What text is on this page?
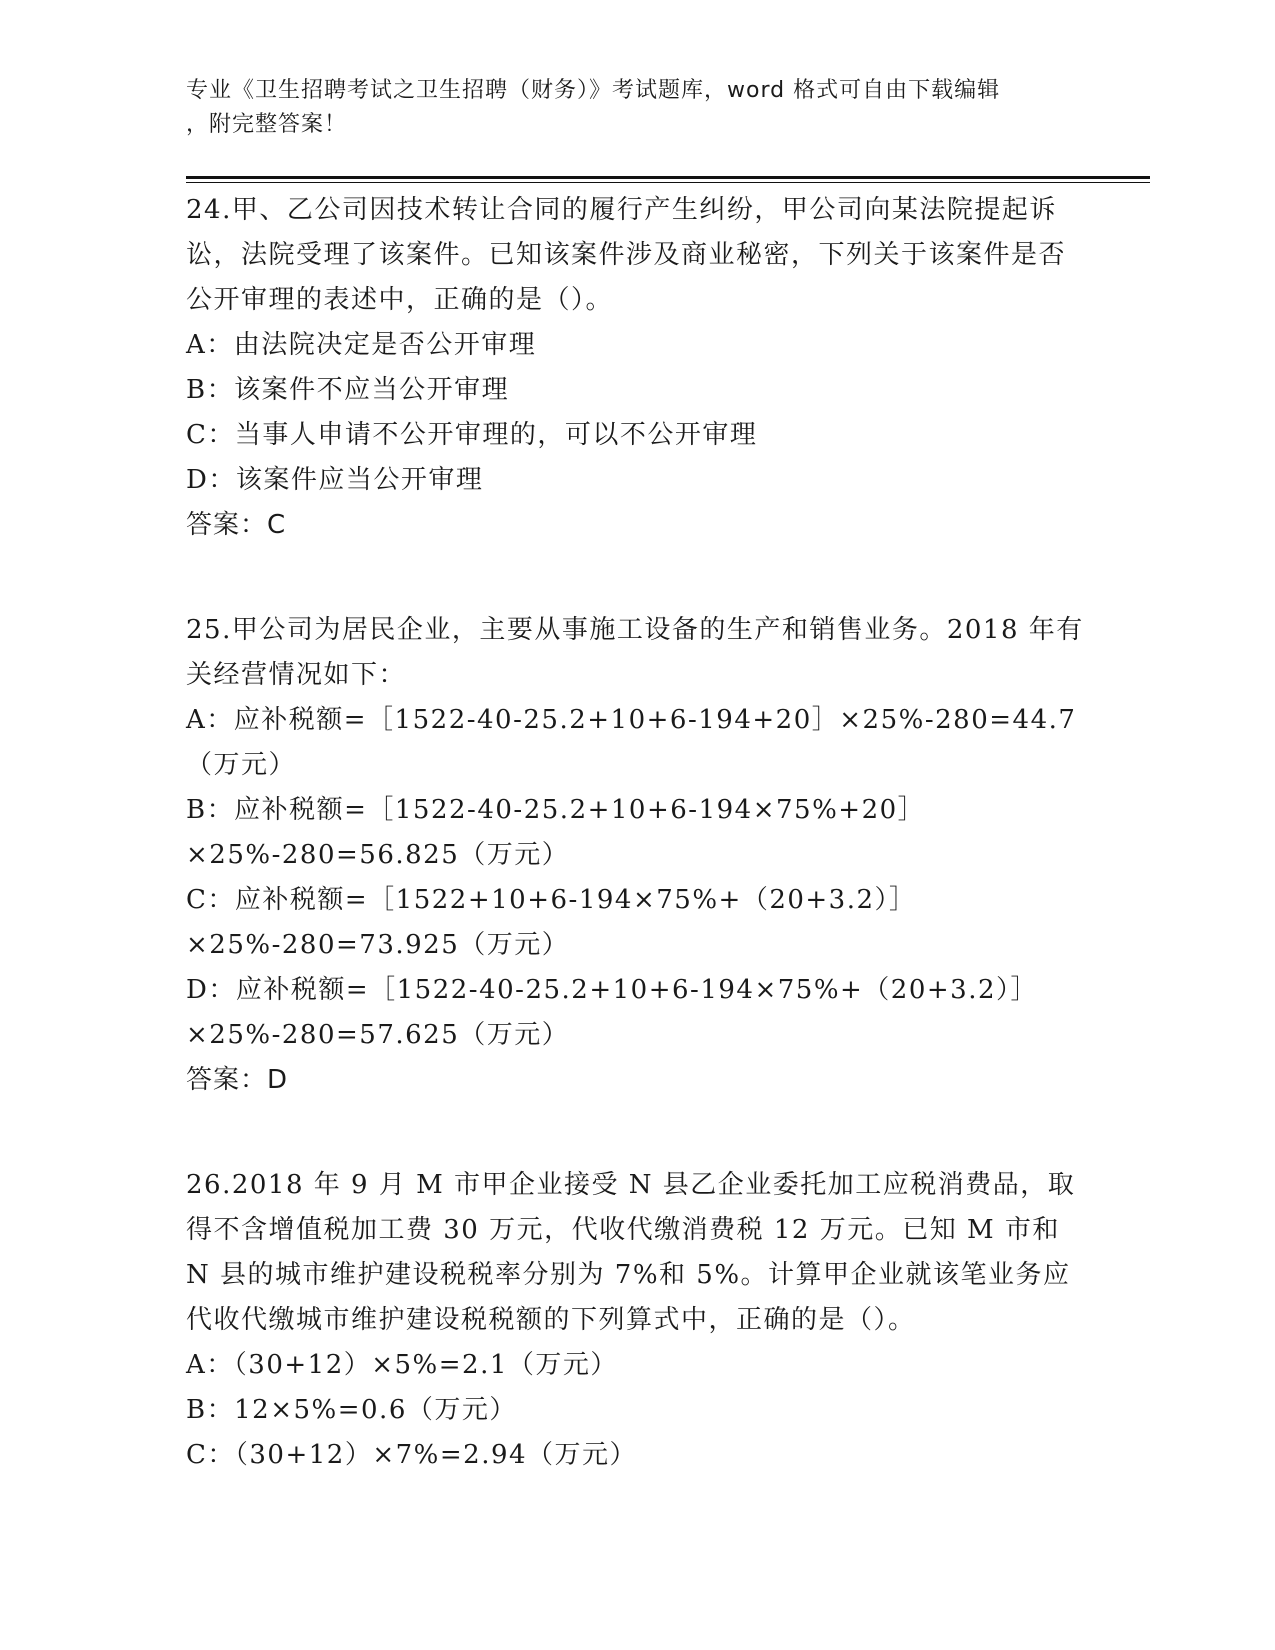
专业《卫生招聘考试之卫生招聘（财务）》考试题库，word 格式可自由下载编辑
，附完整答案！

24.甲、乙公司因技术转让合同的履行产生纠纷，甲公司向某法院提起诉讼，法院受理了该案件。已知该案件涉及商业秘密，下列关于该案件是否公开审理的表述中，正确的是（）。

A：由法院决定是否公开审理

B：该案件不应当公开审理

C：当事人申请不公开审理的，可以不公开审理

D：该案件应当公开审理

答案：C

25.甲公司为居民企业，主要从事施工设备的生产和销售业务。2018 年有关经营情况如下：

A：应补税额=［1522-40-25.2+10+6-194+20］×25%-280=44.7（万元）

B：应补税额=［1522-40-25.2+10+6-194×75%+20］×25%-280=56.825（万元）

C：应补税额=［1522+10+6-194×75%+（20+3.2）］×25%-280=73.925（万元）

D：应补税额=［1522-40-25.2+10+6-194×75%+（20+3.2）］×25%-280=57.625（万元）

答案：D

26.2018 年 9 月 M 市甲企业接受 N 县乙企业委托加工应税消费品，取得不含增值税加工费 30 万元，代收代缴消费税 12 万元。已知 M 市和 N 县的城市维护建设税税率分别为 7%和 5%。计算甲企业就该笔业务应代收代缴城市维护建设税税额的下列算式中，正确的是（）。

A：（30+12）×5%=2.1（万元）

B：12×5%=0.6（万元）

C：（30+12）×7%=2.94（万元）
